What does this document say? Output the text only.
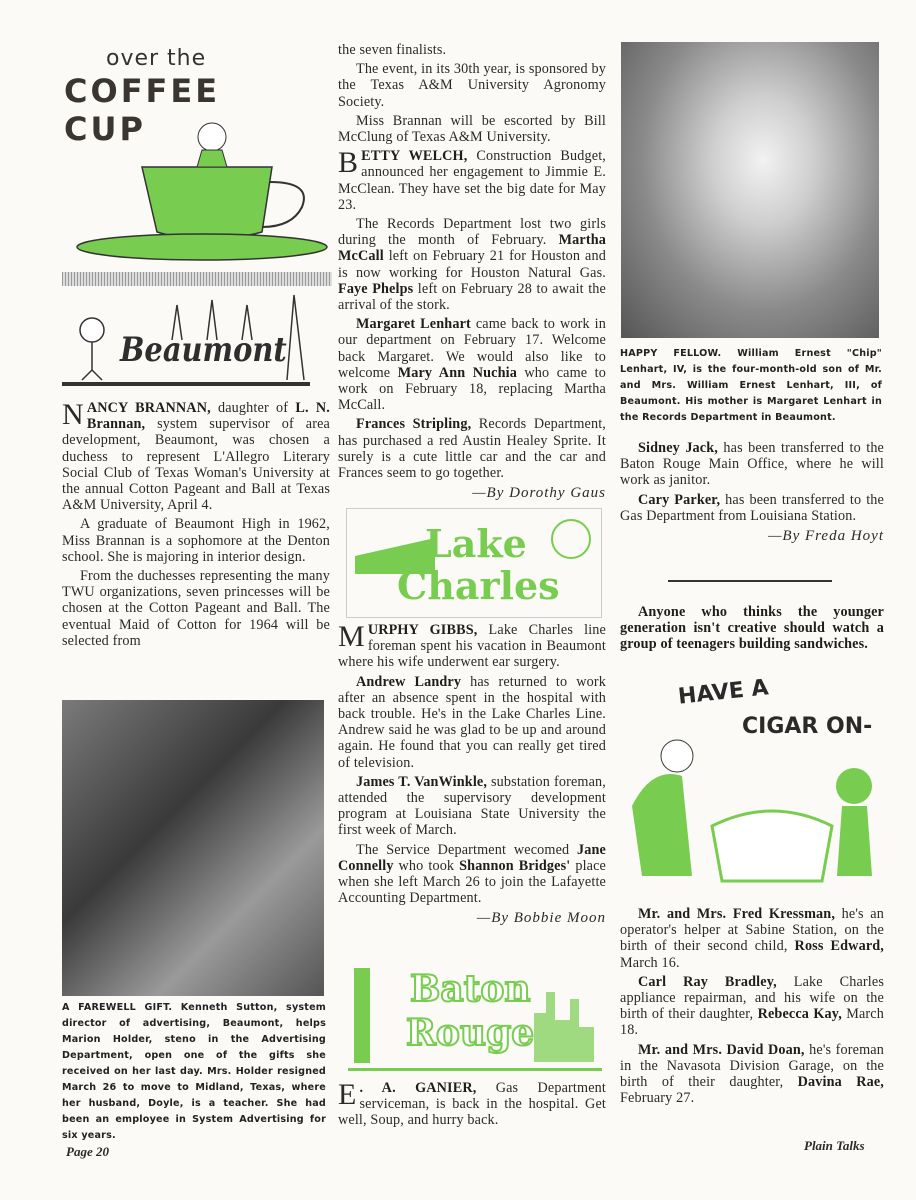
over the
COFFEE
CUP
Beaumont

NANCY BRANNAN, daughter of L. N. Brannan, system supervisor of area development, Beaumont, was chosen a duchess to represent L'Allegro Literary Social Club of Texas Woman's University at the annual Cotton Pageant and Ball at Texas A&M University, April 4.

A graduate of Beaumont High in 1962, Miss Brannan is a sophomore at the Denton school. She is majoring in interior design.

From the duchesses representing the many TWU organizations, seven princesses will be chosen at the Cotton Pageant and Ball. The eventual Maid of Cotton for 1964 will be selected from

A FAREWELL GIFT. Kenneth Sutton, system director of advertising, Beaumont, helps Marion Holder, steno in the Advertising Department, open one of the gifts she received on her last day. Mrs. Holder resigned March 26 to move to Midland, Texas, where her husband, Doyle, is a teacher. She had been an employee in System Advertising for six years.
Page 20

the seven finalists.

The event, in its 30th year, is sponsored by the Texas A&M University Agronomy Society.

Miss Brannan will be escorted by Bill McClung of Texas A&M University.

BETTY WELCH, Construction Budget, announced her engagement to Jimmie E. McClean. They have set the big date for May 23.

The Records Department lost two girls during the month of February. Martha McCall left on February 21 for Houston and is now working for Houston Natural Gas. Faye Phelps left on February 28 to await the arrival of the stork.

Margaret Lenhart came back to work in our department on February 17. Welcome back Margaret. We would also like to welcome Mary Ann Nuchia who came to work on February 18, replacing Martha McCall.

Frances Stripling, Records Department, has purchased a red Austin Healey Sprite. It surely is a cute little car and the car and Frances seem to go together.

—By Dorothy Gaus
Lake
Charles

MURPHY GIBBS, Lake Charles line foreman spent his vacation in Beaumont where his wife underwent ear surgery.

Andrew Landry has returned to work after an absence spent in the hospital with back trouble. He's in the Lake Charles Line. Andrew said he was glad to be up and around again. He found that you can really get tired of television.

James T. VanWinkle, substation foreman, attended the supervisory development program at Louisiana State University the first week of March.

The Service Department wecomed Jane Connelly who took Shannon Bridges' place when she left March 26 to join the Lafayette Accounting Department.

—By Bobbie Moon
Baton
Rouge

E . A. GANIER, Gas Department serviceman, is back in the hospital. Get well, Soup, and hurry back.

HAPPY FELLOW. William Ernest "Chip" Lenhart, IV, is the four-month-old son of Mr. and Mrs. William Ernest Lenhart, III, of Beaumont. His mother is Margaret Lenhart in the Records Department in Beaumont.

Sidney Jack, has been transferred to the Baton Rouge Main Office, where he will work as janitor.

Cary Parker, has been transferred to the Gas Department from Louisiana Station.

—By Freda Hoyt

Anyone who thinks the younger generation isn't creative should watch a group of teenagers building sandwiches.

HAVE A
CIGAR ON-

Mr. and Mrs. Fred Kressman, he's an operator's helper at Sabine Station, on the birth of their second child, Ross Edward, March 16.

Carl Ray Bradley, Lake Charles appliance repairman, and his wife on the birth of their daughter, Rebecca Kay, March 18.

Mr. and Mrs. David Doan, he's foreman in the Navasota Division Garage, on the birth of their daughter, Davina Rae, February 27.

Plain Talks
